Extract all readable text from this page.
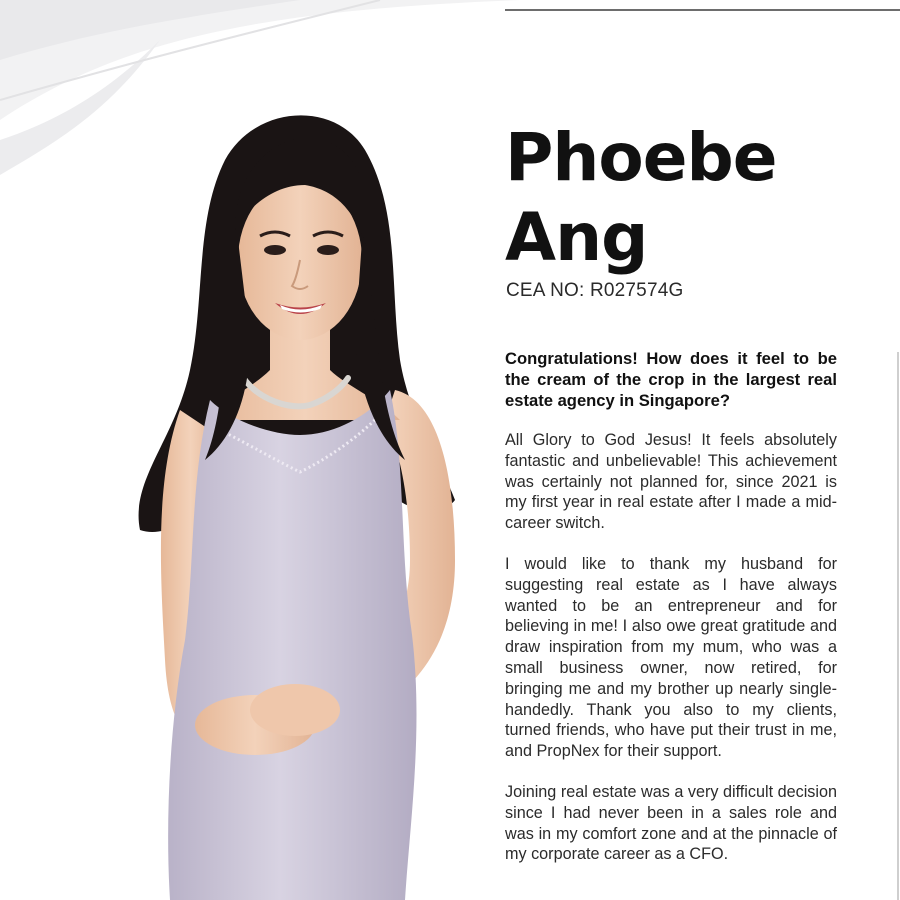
Phoebe
Ang
CEA NO: R027574G

Congratulations! How does it feel to be the cream of the crop in the largest real estate agency in Singapore?

All Glory to God Jesus! It feels absolutely fantastic and unbelievable! This achievement was certainly not planned for, since 2021 is my first year in real estate after I made a mid-career switch.

I would like to thank my husband for suggesting real estate as I have always wanted to be an entrepreneur and for believing in me! I also owe great gratitude and draw inspiration from my mum, who was a small business owner, now retired, for bringing me and my brother up nearly single-handedly. Thank you also to my clients, turned friends, who have put their trust in me, and PropNex for their support.

Joining real estate was a very difficult decision since I had never been in a sales role and was in my comfort zone and at the pinnacle of my corporate career as a CFO.
